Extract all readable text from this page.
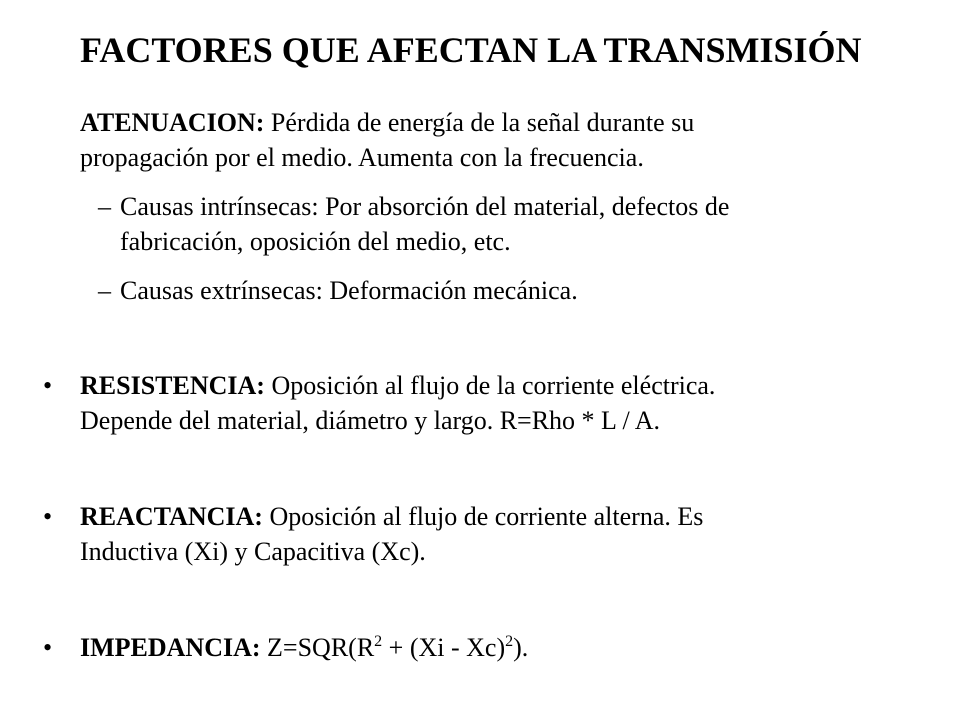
FACTORES QUE AFECTAN LA TRANSMISIÓN
ATENUACION: Pérdida de energía de la señal durante su
propagación por el medio. Aumenta con la frecuencia.
– Causas intrínsecas: Por absorción del material, defectos de
fabricación, oposición del medio, etc.
– Causas extrínsecas: Deformación mecánica.
• RESISTENCIA: Oposición al flujo de la corriente eléctrica.
Depende del material, diámetro y largo. R=Rho * L / A.
• REACTANCIA: Oposición al flujo de corriente alterna. Es
Inductiva (Xi) y Capacitiva (Xc).
• IMPEDANCIA: $Z=SQR(R^2 + (Xi - Xc)^2)$.
